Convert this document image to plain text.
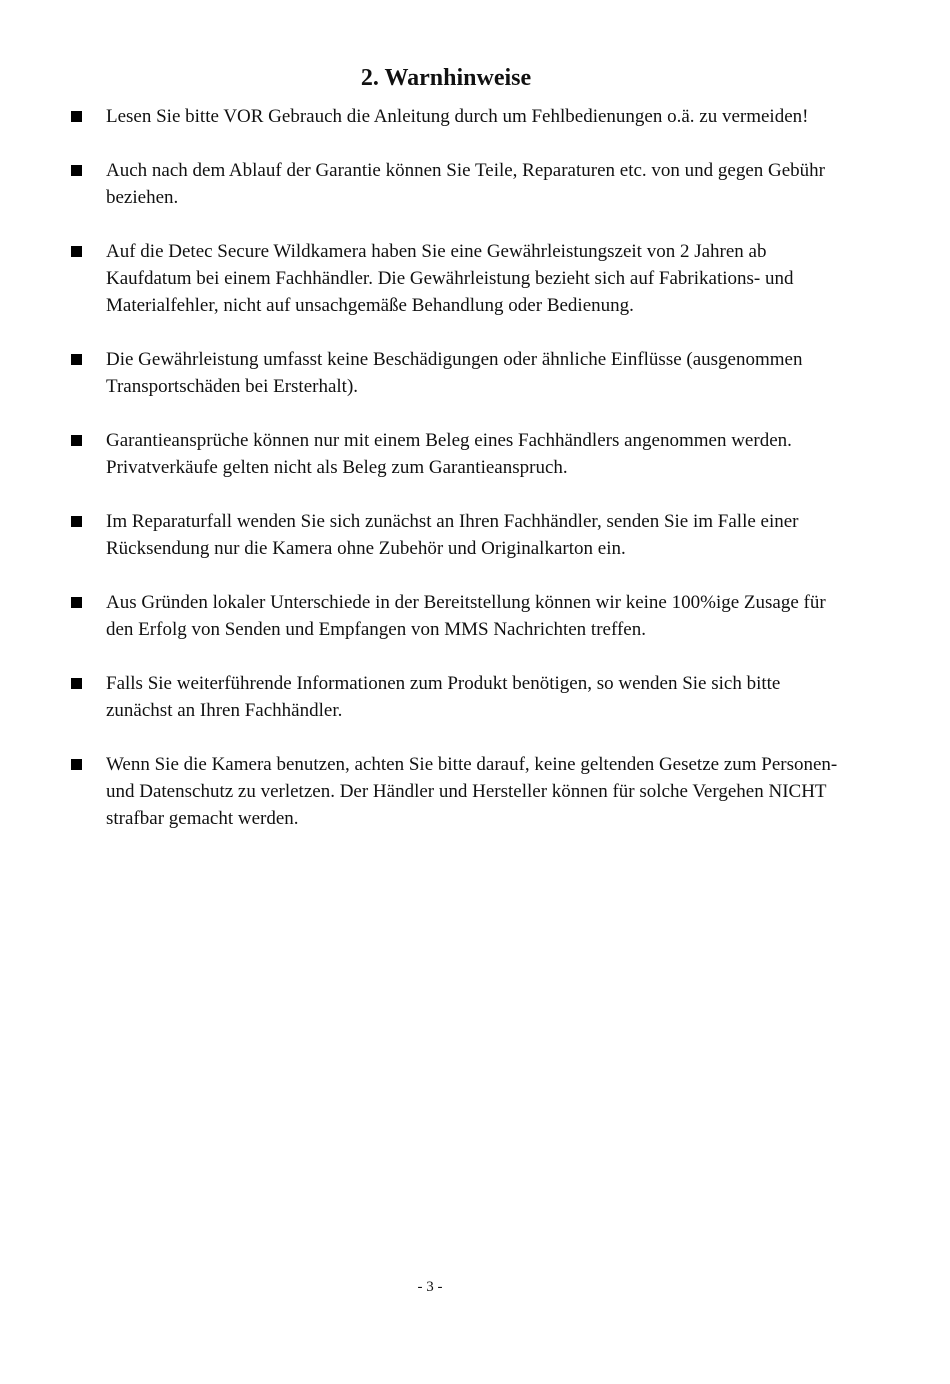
2. Warnhinweise
Lesen Sie bitte VOR Gebrauch die Anleitung durch um Fehlbedienungen o.ä. zu vermeiden!
Auch nach dem Ablauf der Garantie können Sie Teile, Reparaturen etc. von und gegen Gebühr beziehen.
Auf die Detec Secure Wildkamera haben Sie eine Gewährleistungszeit von 2 Jahren ab Kaufdatum bei einem Fachhändler. Die Gewährleistung bezieht sich auf Fabrikations- und Materialfehler, nicht auf unsachgemäße Behandlung oder Bedienung.
Die Gewährleistung umfasst keine Beschädigungen oder ähnliche Einflüsse (ausgenommen Transportschäden bei Ersterhalt).
Garantieansprüche können nur mit einem Beleg eines Fachhändlers angenommen werden. Privatverkäufe gelten nicht als Beleg zum Garantieanspruch.
Im Reparaturfall wenden Sie sich zunächst an Ihren Fachhändler, senden Sie im Falle einer Rücksendung nur die Kamera ohne Zubehör und Originalkarton ein.
Aus Gründen lokaler Unterschiede in der Bereitstellung können wir keine 100%ige Zusage für den Erfolg von Senden und Empfangen von MMS Nachrichten treffen.
Falls Sie weiterführende Informationen zum Produkt benötigen, so wenden Sie sich bitte zunächst an Ihren Fachhändler.
Wenn Sie die Kamera benutzen, achten Sie bitte darauf, keine geltenden Gesetze zum Personen- und Datenschutz zu verletzen. Der Händler und Hersteller können für solche Vergehen NICHT strafbar gemacht werden.
- 3 -
